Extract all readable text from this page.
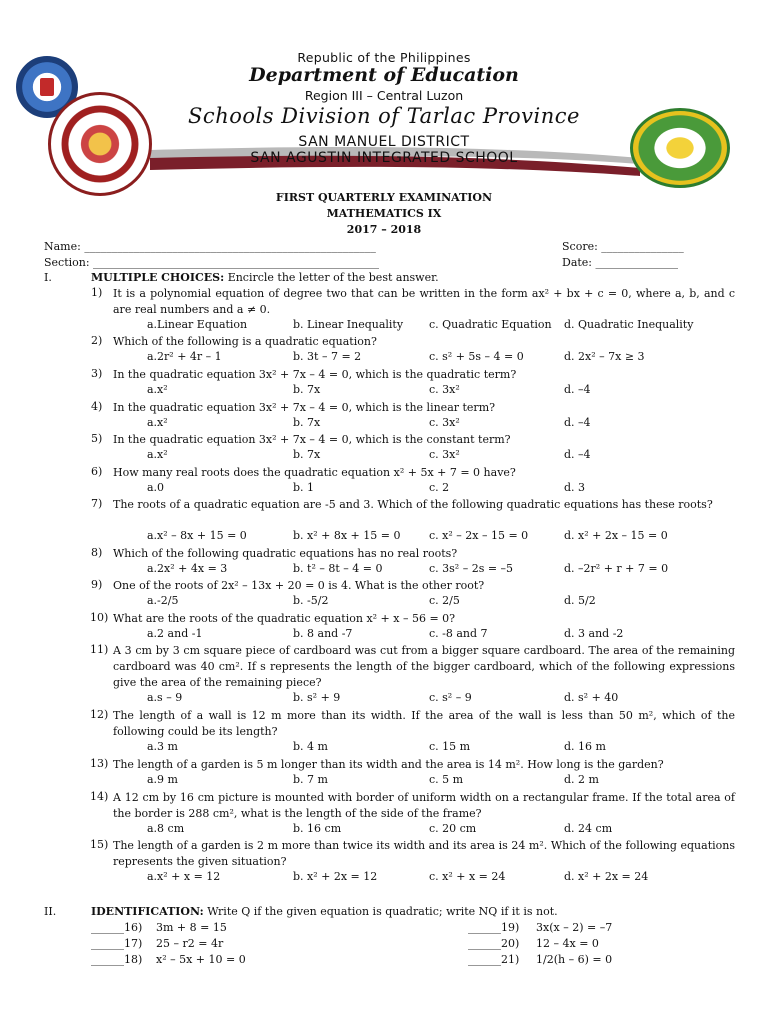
Republic of the Philippines
Department of Education
Region III – Central Luzon
Schools Division of Tarlac Province
SAN MANUEL DISTRICT
SAN AGUSTIN INTEGRATED SCHOOL
FIRST QUARTERLY EXAMINATION
MATHEMATICS IX
2017 – 2018
Name: _____________________________________________________	Score: _______________
Section: ____________________________________________________	Date: _______________
I.	MULTIPLE CHOICES: Encircle the letter of the best answer.
1) It is a polynomial equation of degree two that can be written in the form ax² + bx + c = 0, where a, b, and c are real numbers and a ≠ 0.
a.Linear Equation	b. Linear Inequality c. Quadratic Equation d. Quadratic Inequality
2) Which of the following is a quadratic equation?
a.2r² + 4r – 1	b. 3t – 7 = 2	c. s² + 5s – 4 = 0	d. 2x² – 7x ≥ 3
3) In the quadratic equation 3x² + 7x – 4 = 0, which is the quadratic term?
a.x²	b. 7x	c. 3x²	d. –4
4) In the quadratic equation 3x² + 7x – 4 = 0, which is the linear term?
a.x²	b. 7x	c. 3x²	d. –4
5) In the quadratic equation 3x² + 7x – 4 = 0, which is the constant term?
a.x²	b. 7x	c. 3x²	d. –4
6) How many real roots does the quadratic equation x² + 5x + 7 = 0 have?
a.0	b. 1	c. 2	d. 3
7) The roots of a quadratic equation are -5 and 3. Which of the following quadratic equations has these roots?
a.x² – 8x + 15 = 0	b. x² + 8x + 15 = 0	c. x² – 2x – 15 = 0	d. x² + 2x – 15 = 0
8) Which of the following quadratic equations has no real roots?
a.2x² + 4x = 3	b. t² – 8t – 4 = 0	c. 3s² – 2s = –5	d. –2r² + r + 7 = 0
9) One of the roots of 2x² – 13x + 20 = 0 is 4. What is the other root?
a.-2/5	b. -5/2	c. 2/5	d. 5/2
10) What are the roots of the quadratic equation x² + x – 56 = 0?
a.2 and -1	b. 8 and -7	c. -8 and 7	d. 3 and -2
11) A 3 cm by 3 cm square piece of cardboard was cut from a bigger square cardboard. The area of the remaining cardboard was 40 cm². If s represents the length of the bigger cardboard, which of the following expressions give the area of the remaining piece?
a.s – 9	b. s² + 9	c. s² – 9	d. s² + 40
12) The length of a wall is 12 m more than its width. If the area of the wall is less than 50 m², which of the following could be its length?
a.3 m	b. 4 m	c. 15 m	d. 16 m
13) The length of a garden is 5 m longer than its width and the area is 14 m². How long is the garden?
a.9 m	b. 7 m	c. 5 m	d. 2 m
14) A 12 cm by 16 cm picture is mounted with border of uniform width on a rectangular frame. If the total area of the border is 288 cm², what is the length of the side of the frame?
a.8 cm	b. 16 cm	c. 20 cm	d. 24 cm
15) The length of a garden is 2 m more than twice its width and its area is 24 m². Which of the following equations represents the given situation?
a.x² + x = 12	b. x² + 2x = 12	c. x² + x = 24	d. x² + 2x = 24
II.	IDENTIFICATION: Write Q if the given equation is quadratic; write NQ if it is not.
______16) 3m + 8 = 15
______17) 25 – r2 = 4r
______18) x² – 5x + 10 = 0
______19) 3x(x – 2) = –7
______20) 12 – 4x = 0
______21) 1/2(h – 6) = 0
